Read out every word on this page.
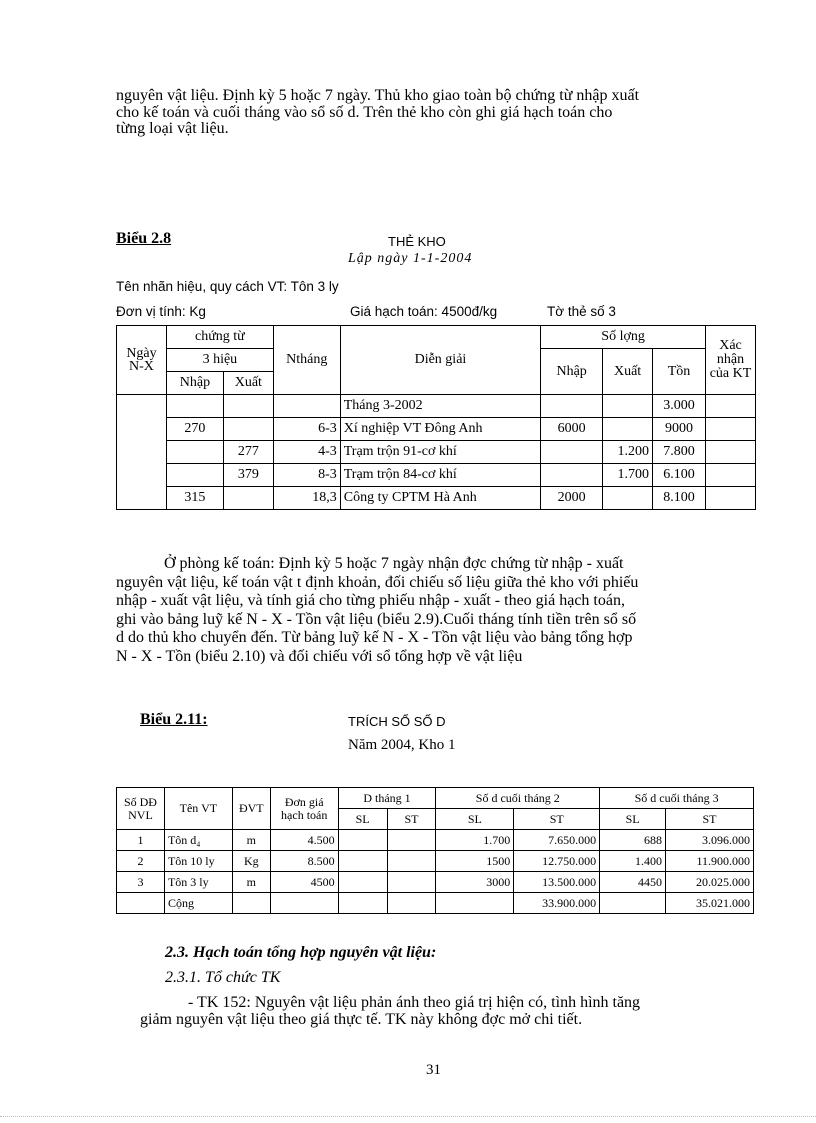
nguyên vật liệu. Định kỳ 5 hoặc 7 ngày. Thủ kho giao toàn bộ chứng từ nhập xuất

cho kế toán và cuối tháng vào sổ số d. Trên thẻ kho còn ghi giá hạch toán cho

từng loại vật liệu.

Biểu 2.8	THẺ KHO
Lập ngày 1-1-2004
Tên nhãn hiệu, quy cách VT: Tôn 3 ly
Đơn vị tính: Kg	Giá hạch toán: 4500đ/kg	Tờ thẻ số 3
Ngày N-X	chứng từ		Ntháng	Diễn giải	Số lợng			Xác nhận của KT
	3 hiệu				Nhập	Xuất	Tồn	
	Nhập	Xuất						
				Tháng 3-2002			3.000	
	270		6-3	Xí nghiệp VT Đông Anh	6000		9000	
		277	4-3	Trạm trộn 91-cơ khí		1.200	7.800	
		379	8-3	Trạm trộn 84-cơ khí		1.700	6.100	
	315		18,3	Công ty CPTM Hà Anh	2000		8.100	

Ở phòng kế toán: Định kỳ 5 hoặc 7 ngày nhận đợc chứng từ nhập - xuất

nguyên vật liệu, kế toán vật t định khoản, đối chiếu số liệu giữa thẻ kho với phiếu

nhập - xuất vật liệu, và tính giá cho từng phiếu nhập - xuất - theo giá hạch toán,

ghi vào bảng luỹ kế N - X - Tồn vật liệu (biểu 2.9).Cuối tháng tính tiền trên sổ số

d do thủ kho chuyển đến. Từ bảng luỹ kế N - X - Tồn vật liệu vào bảng tổng hợp

N - X - Tồn (biểu 2.10) và đối chiếu với sổ tổng hợp về vật liệu

Biểu 2.11:	TRÍCH SỔ SỐ D
Năm 2004, Kho 1
Số DĐ NVL	Tên VT	ĐVT	Đơn giá hạch toán	D tháng 1		Số d cuối tháng 2		Số d cuối tháng 3	
				SL	ST	SL	ST	SL	ST
1	Tôn d₄	m	4.500			1.700	7.650.000	688	3.096.000
2	Tôn 10 ly	Kg	8.500			1500	12.750.000	1.400	11.900.000
3	Tôn 3 ly	m	4500			3000	13.500.000	4450	20.025.000
	Cộng						33.900.000		35.021.000
2.3. Hạch toán tổng hợp nguyên vật liệu:
2.3.1. Tổ chức TK

- TK 152: Nguyên vật liệu phản ánh theo giá trị hiện có, tình hình tăng

giảm nguyên vật liệu theo giá thực tế. TK này không đợc mở chi tiết.

31
